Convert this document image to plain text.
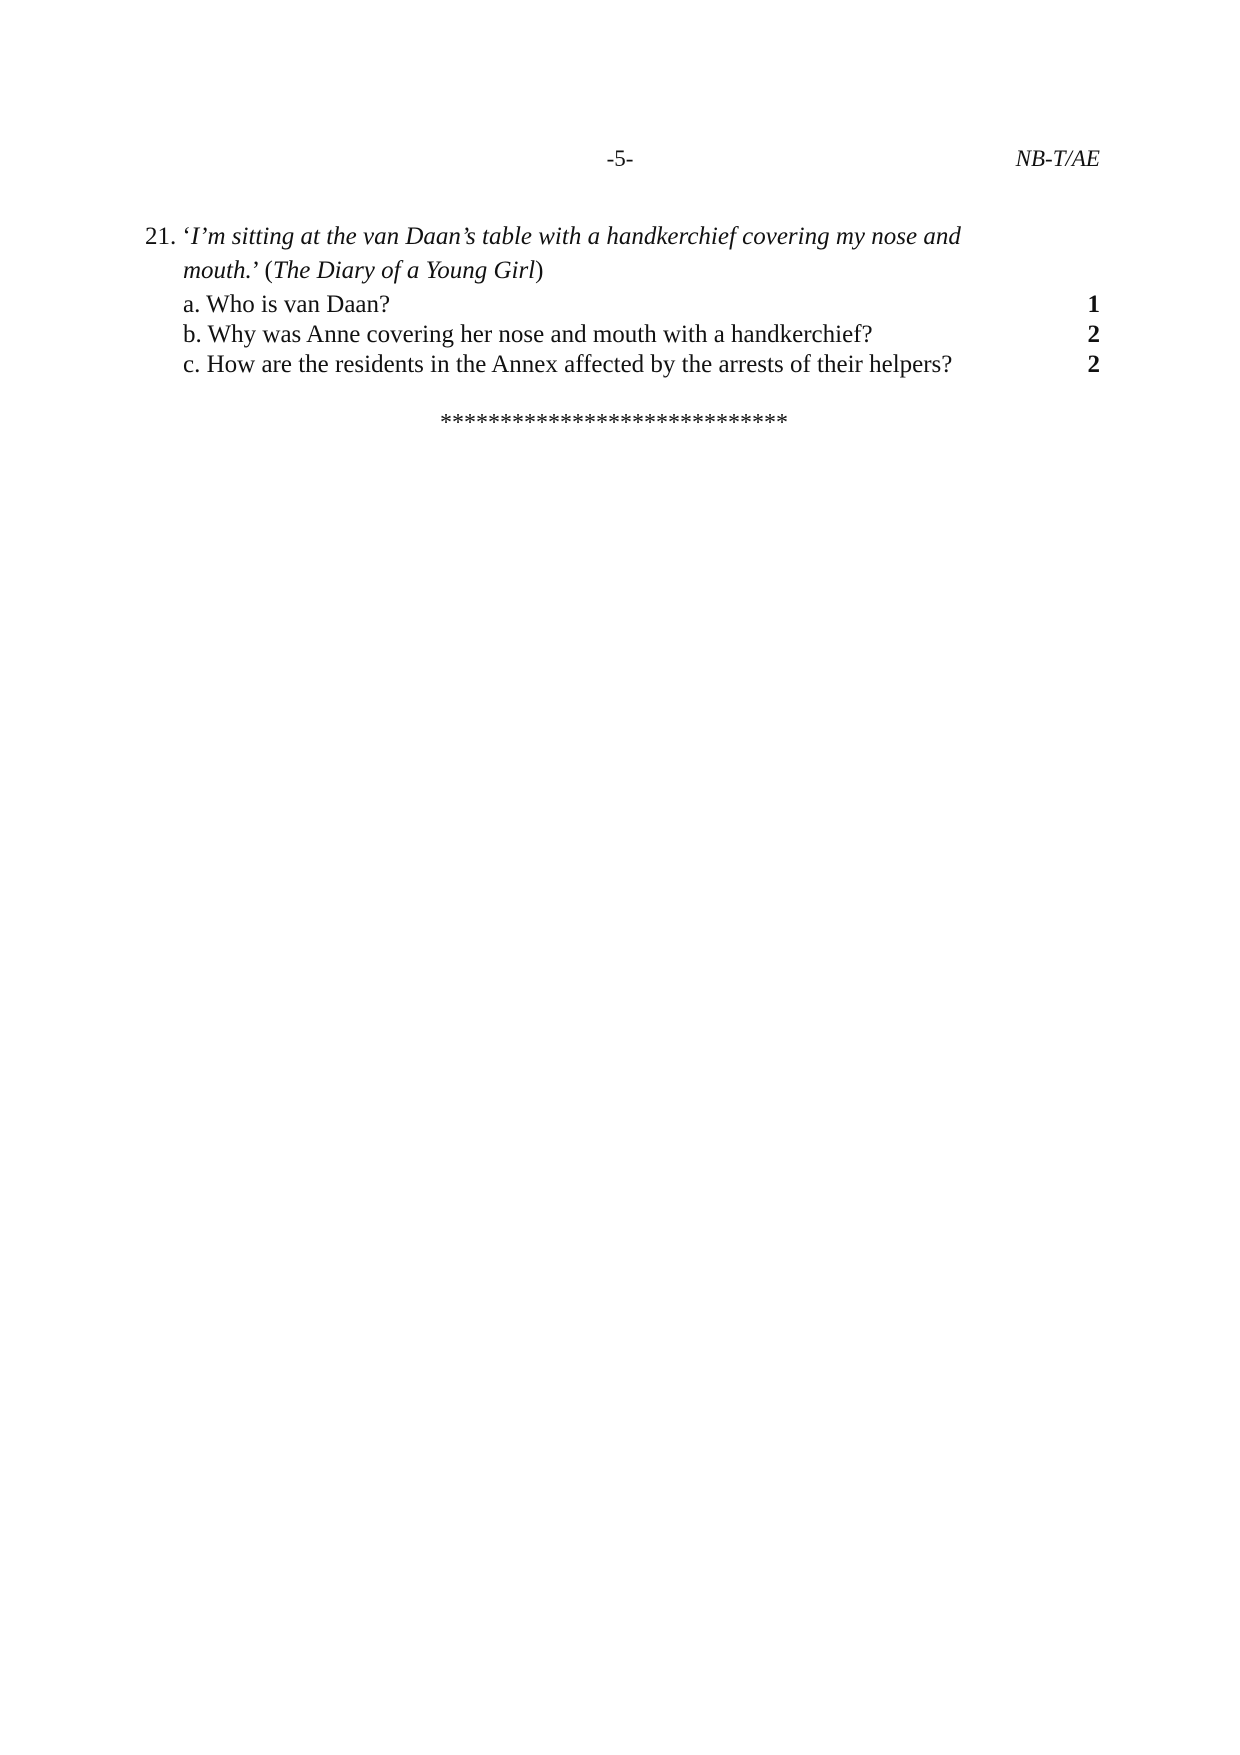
-5-	NB-T/AE
21. ‘I’m sitting at the van Daan’s table with a handkerchief covering my nose and
mouth.’ (The Diary of a Young Girl)
a. Who is van Daan?	1
b. Why was Anne covering her nose and mouth with a handkerchief?	2
c. How are the residents in the Annex affected by the arrests of their helpers?	2
*****************************
